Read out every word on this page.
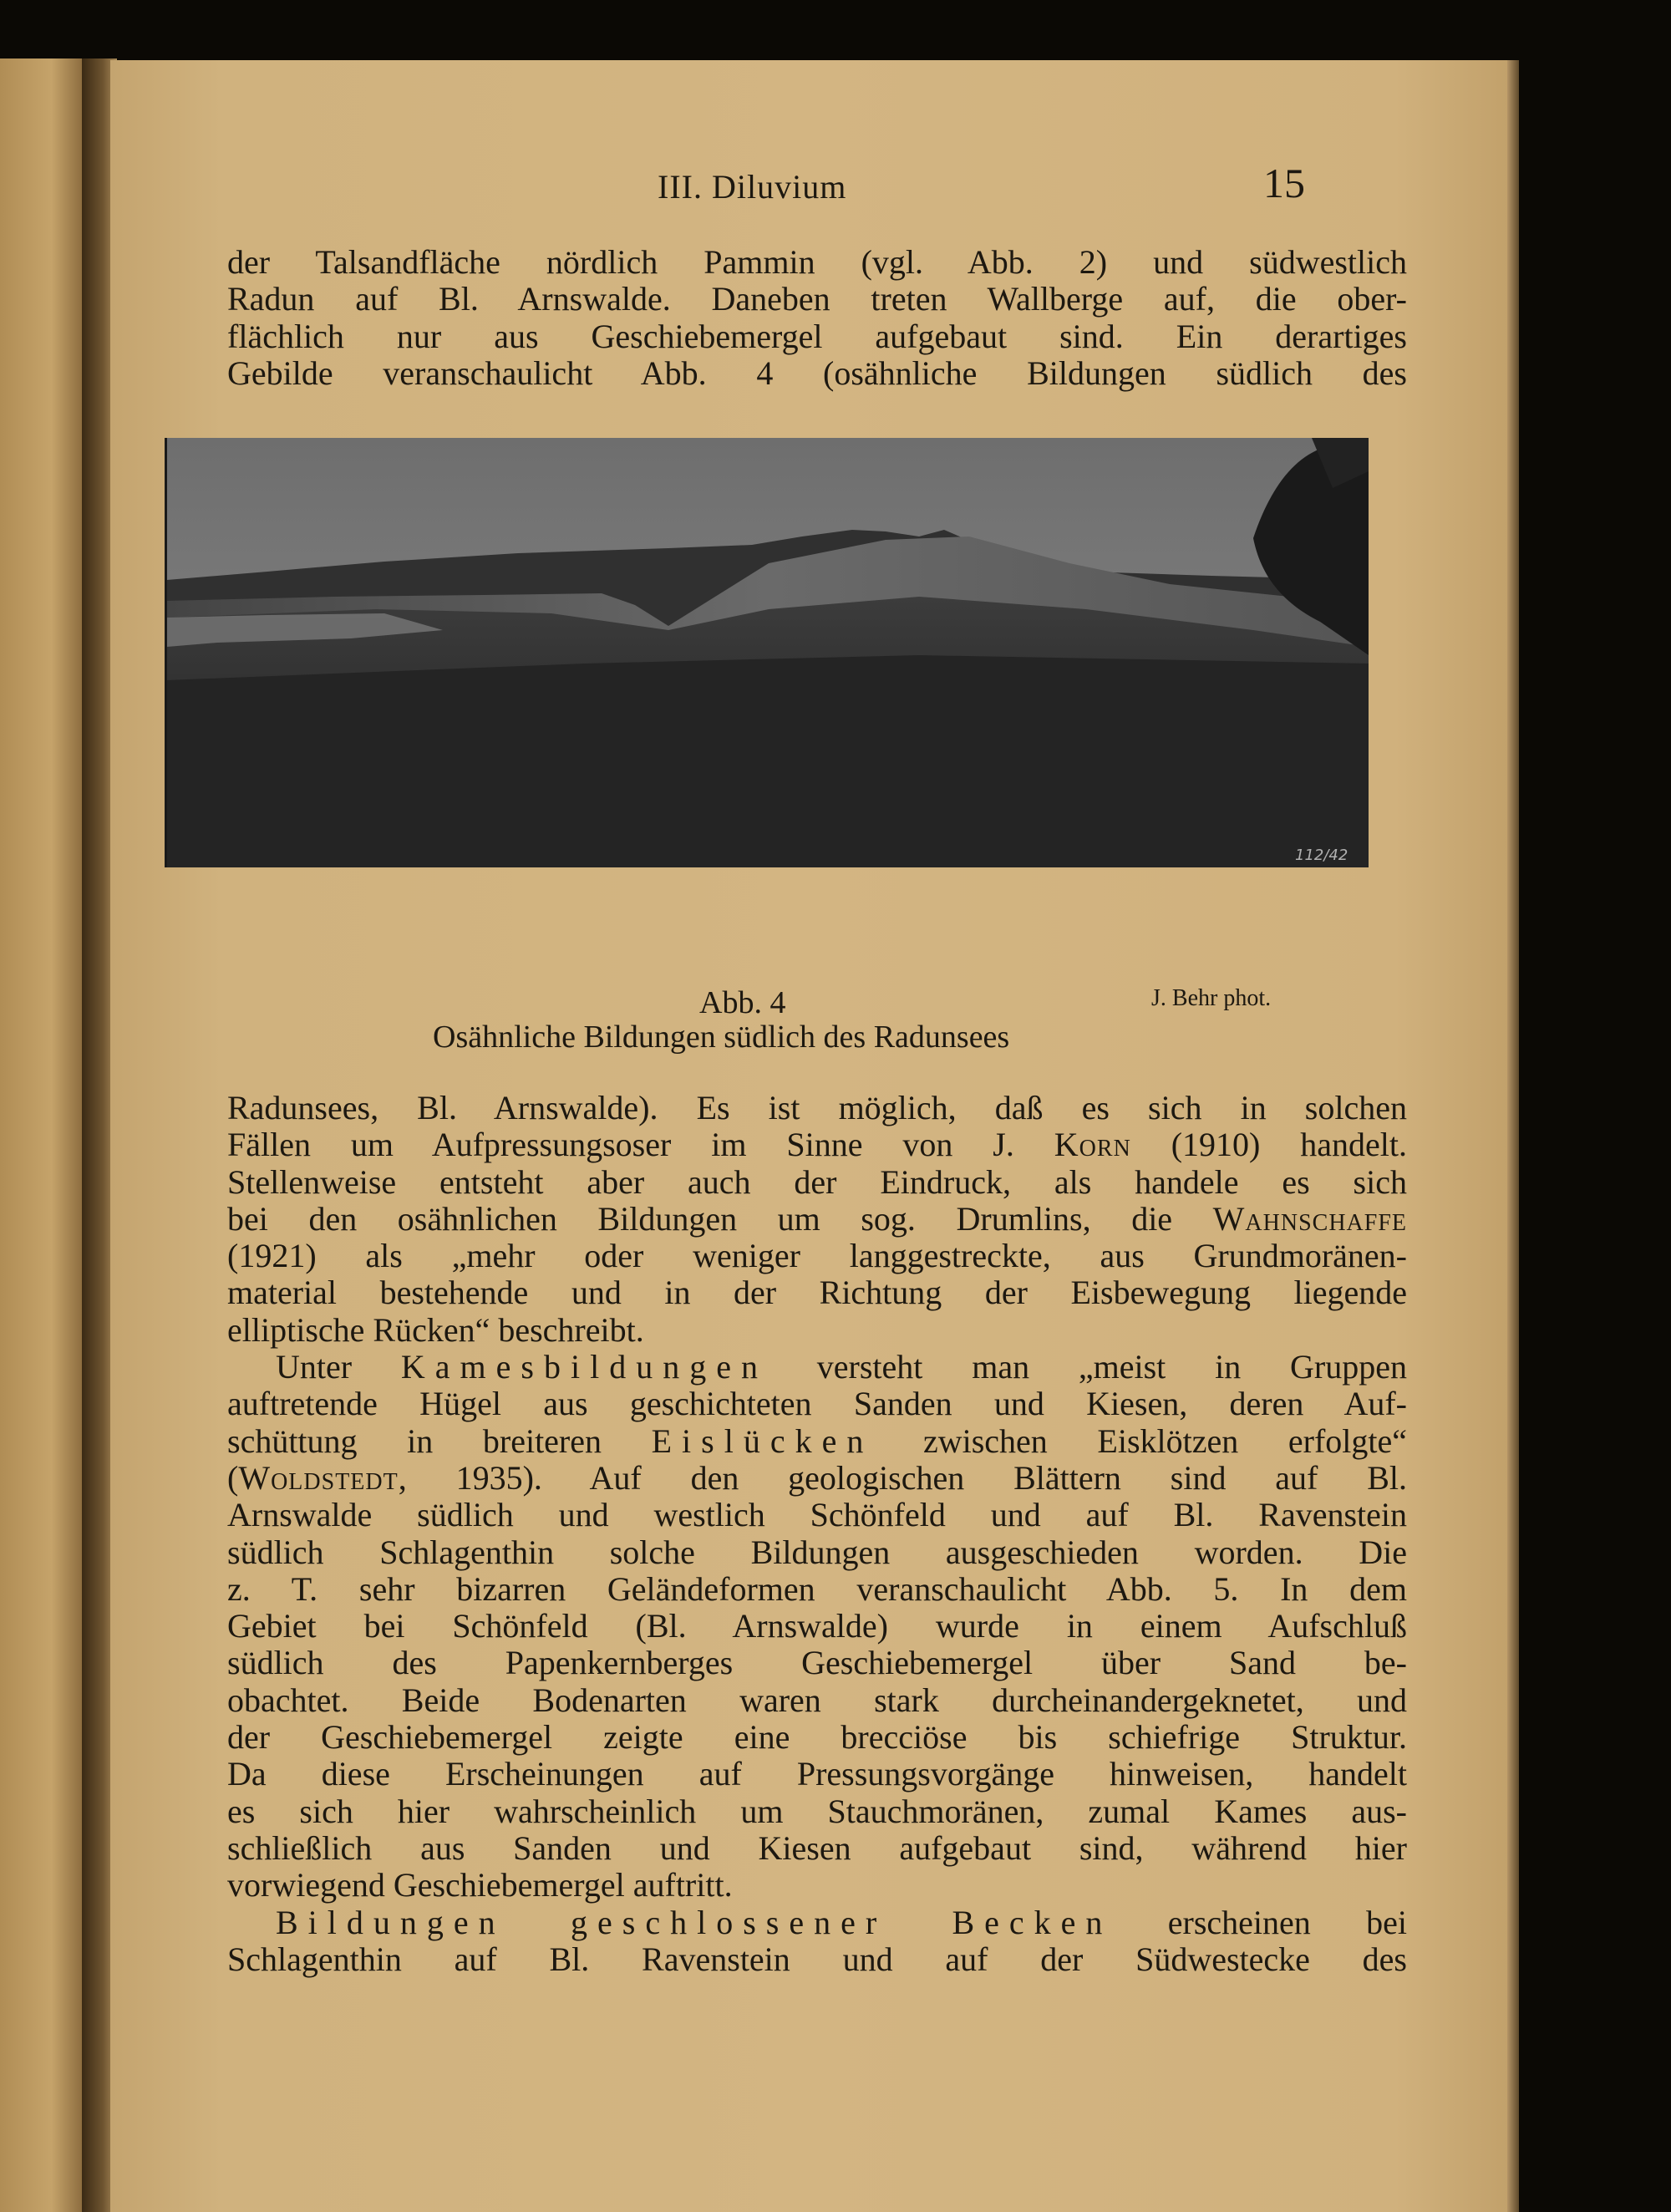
III. Diluvium	15
der Talsandfläche nördlich Pammin (vgl. Abb. 2) und südwestlich
Radun auf Bl. Arnswalde. Daneben treten Wallberge auf, die ober-
flächlich nur aus Geschiebemergel aufgebaut sind. Ein derartiges
Gebilde veranschaulicht Abb. 4 (osähnliche Bildungen südlich des
112/42
Abb. 4	J. Behr phot.
Osähnliche Bildungen südlich des Radunsees
Radunsees, Bl. Arnswalde). Es ist möglich, daß es sich in solchen
Fällen um Aufpressungsoser im Sinne von J. Korn (1910) handelt.
Stellenweise entsteht aber auch der Eindruck, als handele es sich
bei den osähnlichen Bildungen um sog. Drumlins, die Wahnschaffe
(1921) als „mehr oder weniger langgestreckte, aus Grundmoränen-
material bestehende und in der Richtung der Eisbewegung liegende
elliptische Rücken“ beschreibt.
Unter Kamesbildungen versteht man „meist in Gruppen
auftretende Hügel aus geschichteten Sanden und Kiesen, deren Auf-
schüttung in breiteren Eislücken zwischen Eisklötzen erfolgte“
(Woldstedt, 1935). Auf den geologischen Blättern sind auf Bl.
Arnswalde südlich und westlich Schönfeld und auf Bl. Ravenstein
südlich Schlagenthin solche Bildungen ausgeschieden worden. Die
z. T. sehr bizarren Geländeformen veranschaulicht Abb. 5. In dem
Gebiet bei Schönfeld (Bl. Arnswalde) wurde in einem Aufschluß
südlich des Papenkernberges Geschiebemergel über Sand be-
obachtet. Beide Bodenarten waren stark durcheinandergeknetet, und
der Geschiebemergel zeigte eine brecciöse bis schiefrige Struktur.
Da diese Erscheinungen auf Pressungsvorgänge hinweisen, handelt
es sich hier wahrscheinlich um Stauchmoränen, zumal Kames aus-
schließlich aus Sanden und Kiesen aufgebaut sind, während hier
vorwiegend Geschiebemergel auftritt.
Bildungen geschlossener Becken erscheinen bei
Schlagenthin auf Bl. Ravenstein und auf der Südwestecke des
